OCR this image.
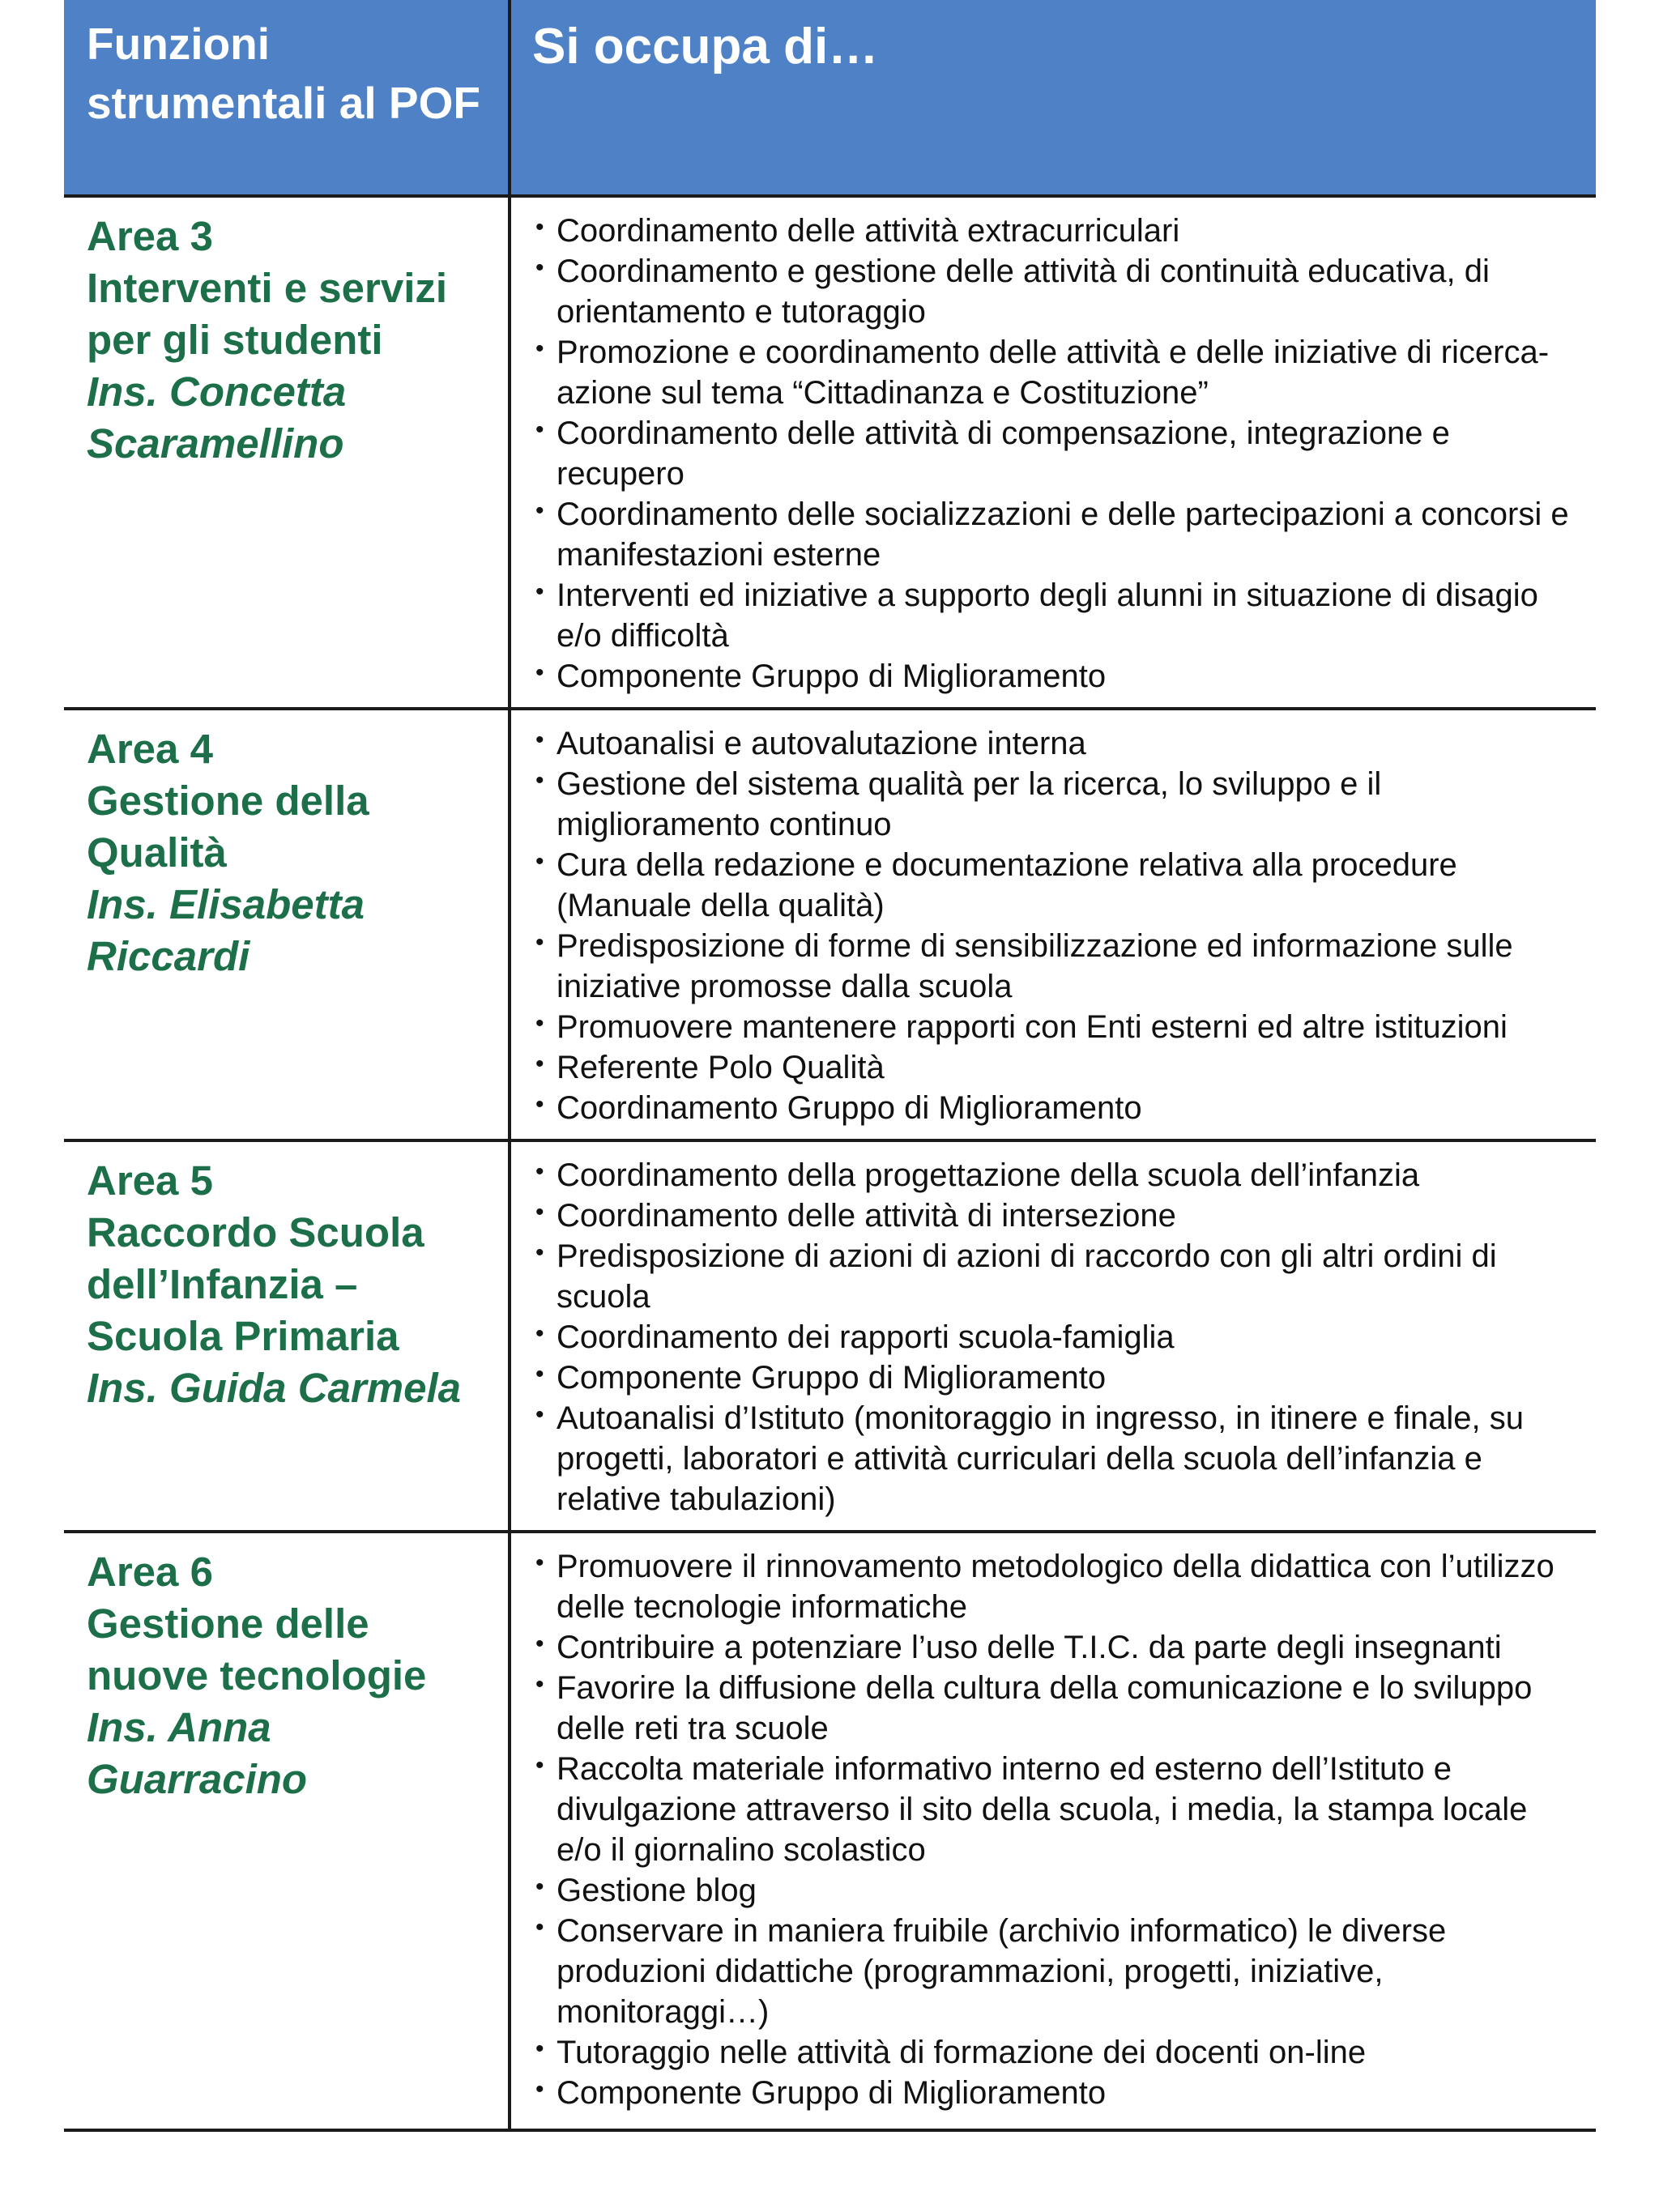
Funzioni strumentali al POF
Si occupa di…
Area 3
Interventi e servizi per gli studenti
Ins. Concetta Scaramellino
• Coordinamento delle attività extracurriculari
• Coordinamento e gestione delle attività di continuità educativa, di orientamento e tutoraggio
• Promozione e coordinamento delle attività e delle iniziative di ricerca-azione sul tema “Cittadinanza e Costituzione”
• Coordinamento delle attività di compensazione, integrazione e recupero
• Coordinamento delle socializzazioni e delle partecipazioni a concorsi e manifestazioni esterne
• Interventi ed iniziative a supporto degli alunni in situazione di disagio e/o difficoltà
• Componente Gruppo di Miglioramento
Area 4
Gestione della Qualità
Ins. Elisabetta Riccardi
• Autoanalisi e autovalutazione interna
• Gestione del sistema qualità per la ricerca, lo sviluppo e il miglioramento continuo
• Cura della redazione e documentazione relativa alla procedure (Manuale della qualità)
• Predisposizione di forme di sensibilizzazione ed informazione sulle iniziative promosse dalla scuola
• Promuovere mantenere rapporti con Enti esterni ed altre istituzioni
• Referente Polo Qualità
• Coordinamento Gruppo di Miglioramento
Area 5
Raccordo Scuola dell’Infanzia – Scuola Primaria
Ins. Guida Carmela
• Coordinamento della progettazione della scuola dell’infanzia
• Coordinamento delle attività di intersezione
• Predisposizione di azioni di azioni di raccordo con gli altri ordini di scuola
• Coordinamento dei rapporti scuola-famiglia
• Componente Gruppo di Miglioramento
• Autoanalisi d’Istituto (monitoraggio in ingresso, in itinere e finale, su progetti, laboratori e attività curriculari della scuola dell’infanzia e relative tabulazioni)
Area 6
Gestione delle nuove tecnologie
Ins. Anna Guarracino
• Promuovere il rinnovamento metodologico della didattica con l’utilizzo delle tecnologie informatiche
• Contribuire a potenziare l’uso delle T.I.C. da parte degli insegnanti
• Favorire la diffusione della cultura della comunicazione e lo sviluppo delle reti tra scuole
• Raccolta materiale informativo interno ed esterno dell’Istituto e divulgazione attraverso il sito della scuola, i media, la stampa locale e/o il giornalino scolastico
• Gestione blog
• Conservare in maniera fruibile (archivio informatico) le diverse produzioni didattiche (programmazioni, progetti, iniziative, monitoraggi…)
• Tutoraggio nelle attività di formazione dei docenti on-line
• Componente Gruppo di Miglioramento
